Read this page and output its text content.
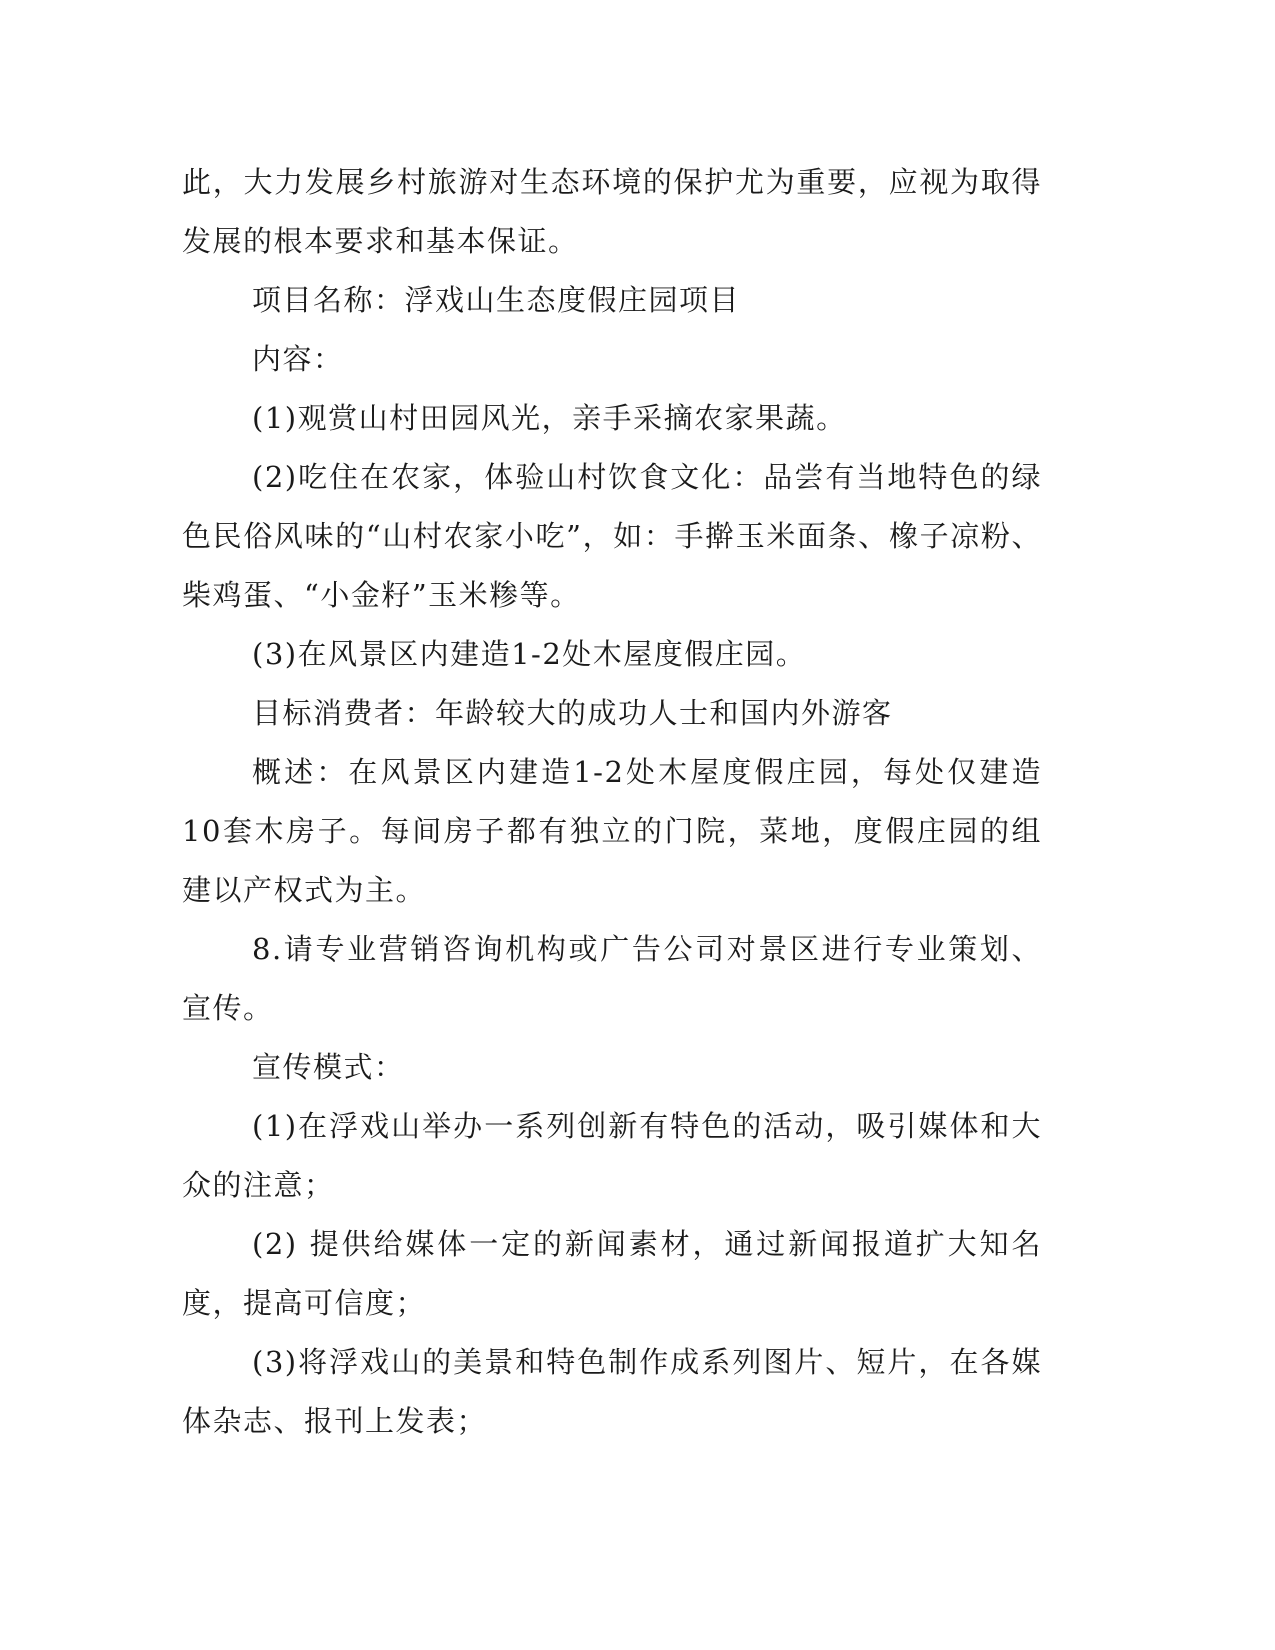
此，大力发展乡村旅游对生态环境的保护尤为重要，应视为取得发展的根本要求和基本保证。

项目名称：浮戏山生态度假庄园项目

内容：

(1)观赏山村田园风光，亲手采摘农家果蔬。

(2)吃住在农家，体验山村饮食文化：品尝有当地特色的绿色民俗风味的“山村农家小吃”，如：手擀玉米面条、橡子凉粉、柴鸡蛋、“小金籽”玉米糁等。

(3)在风景区内建造1-2处木屋度假庄园。

目标消费者：年龄较大的成功人士和国内外游客

概述：在风景区内建造1-2处木屋度假庄园，每处仅建造10套木房子。每间房子都有独立的门院，菜地，度假庄园的组建以产权式为主。

8.请专业营销咨询机构或广告公司对景区进行专业策划、宣传。

宣传模式：

(1)在浮戏山举办一系列创新有特色的活动，吸引媒体和大众的注意；

(2) 提供给媒体一定的新闻素材，通过新闻报道扩大知名度，提高可信度；

(3)将浮戏山的美景和特色制作成系列图片、短片，在各媒体杂志、报刊上发表；
